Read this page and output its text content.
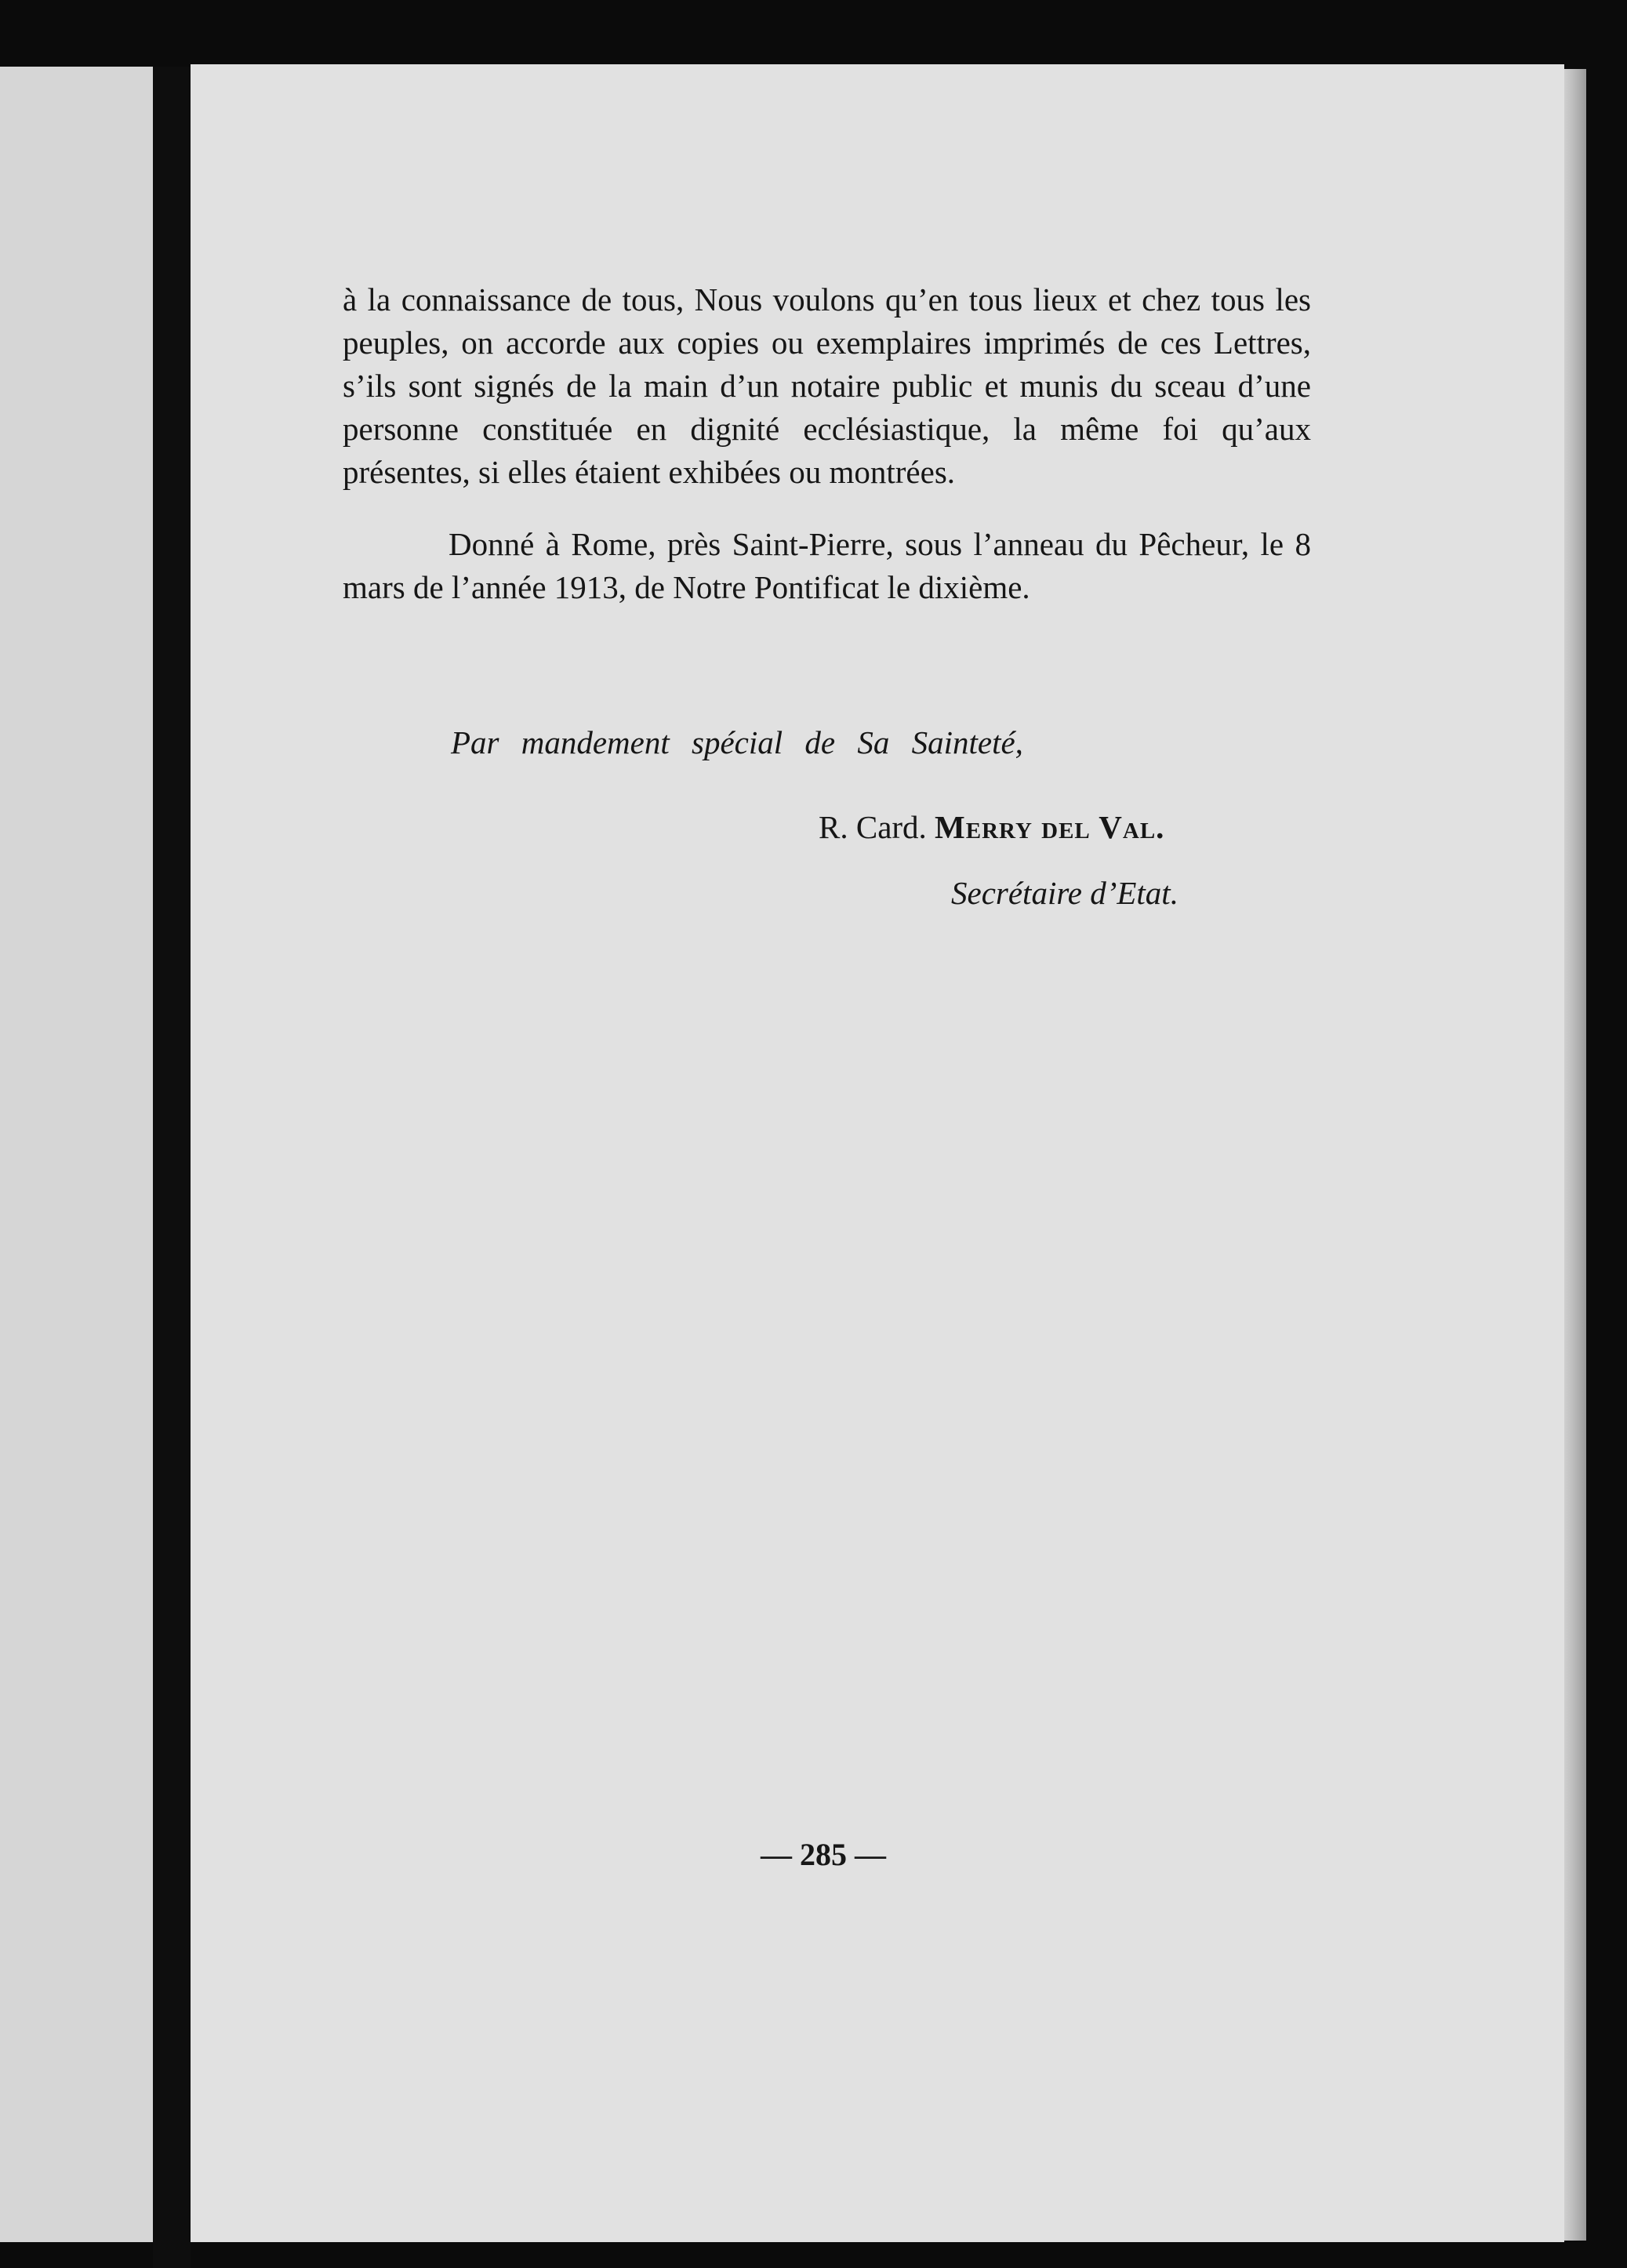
à la connaissance de tous, Nous voulons qu’en tous lieux et chez tous les peuples, on accorde aux copies ou exemplaires imprimés de ces Lettres, s’ils sont signés de la main d’un notaire public et munis du sceau d’une personne constituée en dignité ecclésiastique, la même foi qu’aux présentes, si elles étaient exhibées ou montrées.

Donné à Rome, près Saint-Pierre, sous l’anneau du Pêcheur, le 8 mars de l’année 1913, de Notre Pontificat le dixième.

Par mandement spécial de Sa Sainteté,

R. Card. Merry del Val.

Secrétaire d’Etat.

— 285 —
